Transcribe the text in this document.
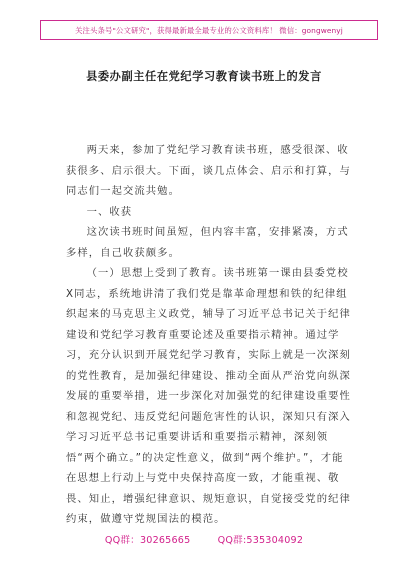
关注头条号"公文研究"，获得最新最全最专业的公文资料库！ 微信：gongwenyj
县委办副主任在党纪学习教育读书班上的发言

两天来，参加了党纪学习教育读书班，感受很深、收获很多、启示很大。下面，谈几点体会、启示和打算，与同志们一起交流共勉。

一、收获

这次读书班时间虽短，但内容丰富，安排紧凑，方式多样，自己收获颇多。

（一）思想上受到了教育。读书班第一课由县委党校X同志，系统地讲清了我们党是靠革命理想和铁的纪律组织起来的马克思主义政党，辅导了习近平总书记关于纪律建设和党纪学习教育重要论述及重要指示精神。通过学习，充分认识到开展党纪学习教育，实际上就是一次深刻的党性教育，是加强纪律建设、推动全面从严治党向纵深发展的重要举措，进一步深化对加强党的纪律建设重要性和忽视党纪、违反党纪问题危害性的认识，深知只有深入学习习近平总书记重要讲话和重要指示精神，深刻领悟“两个确立。”的决定性意义，做到“两个维护。”，才能在思想上行动上与党中央保持高度一致，才能重视、敬畏、知止，增强纪律意识、规矩意识，自觉接受党的纪律约束，做遵守党规国法的模范。

QQ群：30265665	QQ群:535304092
